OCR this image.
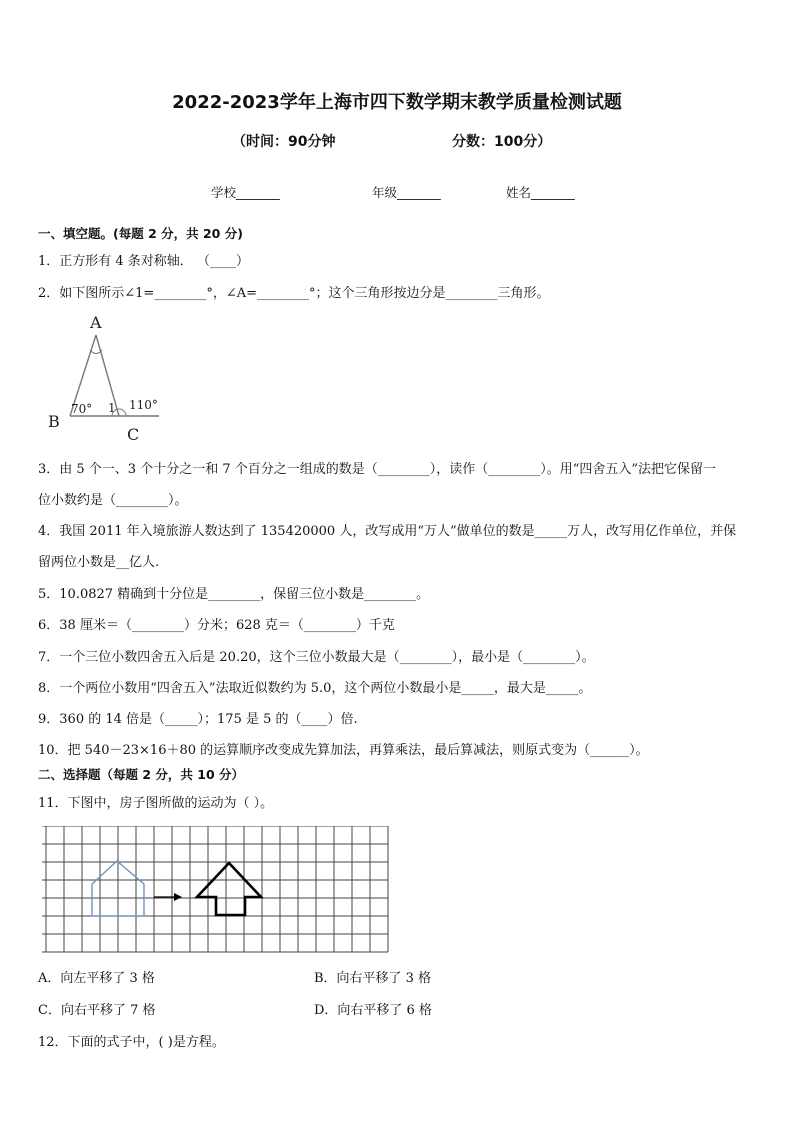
2022-2023学年上海市四下数学期末教学质量检测试题
（时间：90分钟	分数：100分）
学校_______	年级_______	姓名_______
一、填空题。(每题 2 分，共 20 分)
1．正方形有 4 条对称轴． （____）
2．如下图所示∠1=________°，∠A=________°；这个三角形按边分是________三角形。
A
B
C
70° 1 110°
3．由 5 个一、3 个十分之一和 7 个百分之一组成的数是（________），读作（________）。用“四舍五入”法把它保留一
位小数约是（________）。
4．我国 2011 年入境旅游人数达到了 135420000 人，改写成用“万人”做单位的数是_____万人，改写用亿作单位，并保
留两位小数是__亿人.
5．10.0827 精确到十分位是________，保留三位小数是________。
6．38 厘米＝（________）分米；628 克＝（________）千克
7．一个三位小数四舍五入后是 20.20，这个三位小数最大是（________），最小是（________）。
8．一个两位小数用“四舍五入”法取近似数约为 5.0，这个两位小数最小是_____，最大是_____。
9．360 的 14 倍是（_____）；175 是 5 的（____）倍.
10．把 540－23×16＋80 的运算顺序改变成先算加法，再算乘法，最后算减法，则原式变为（______）。
二、选择题（每题 2 分，共 10 分）
11．下图中，房子图所做的运动为（ ）。
A．向左平移了 3 格	B．向右平移了 3 格
C．向右平移了 7 格	D．向右平移了 6 格
12．下面的式子中，( )是方程。
